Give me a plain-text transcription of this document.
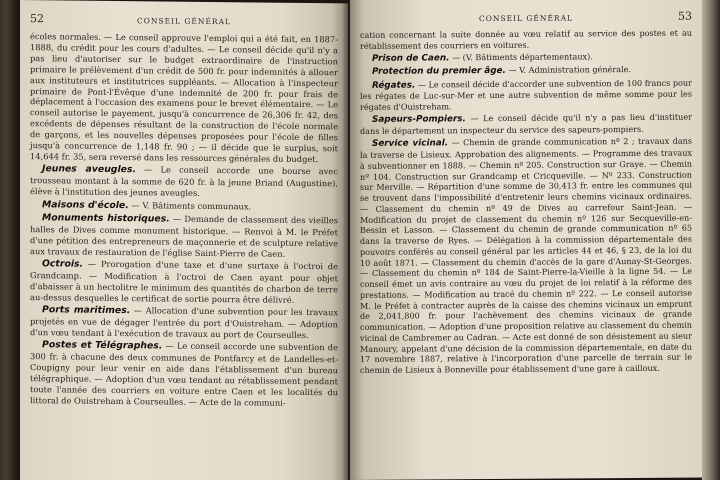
52	CONSEIL GÉNÉRAL

écoles normales. — Le conseil approuve l'emploi qui a été fait, en 1887-1888, du crédit pour les cours d'adultes. — Le conseil décide qu'il n'y a pas lieu d'autoriser sur le budget extraordinaire de l'instruction primaire le prélèvement d'un crédit de 500 fr. pour indemnités à allouer aux instituteurs et institutrices suppléants. — Allocation à l'inspecteur primaire de Pont-l'Évêque d'une indemnité de 200 fr. pour frais de déplacement à l'occasion des examens pour le brevet élémentaire. — Le conseil autorise le payement, jusqu'à concurrence de 26,306 fr. 42, des excédents de dépenses résultant de la construction de l'école normale de garçons, et les nouvelles dépenses proposées pour l'école de filles jusqu'à concurrence de 1,148 fr. 90 ; — il décide que le surplus, soit 14,644 fr. 35, sera reversé dans les ressources générales du budget.

Jeunes aveugles. — Le conseil accorde une bourse avec trousseau montant à la somme de 620 fr. à la jeune Briand (Augustine), élève à l'institution des jeunes aveugles.

Maisons d'école. — V. Bâtiments communaux.

Monuments historiques. — Demande de classement des vieilles halles de Dives comme monument historique. — Renvoi à M. le Préfet d'une pétition des entrepreneurs de maçonnerie et de sculpture relative aux travaux de restauration de l'église Saint-Pierre de Caen.

Octrois. — Prorogation d'une taxe et d'une surtaxe à l'octroi de Grandcamp. — Modification à l'octroi de Caen ayant pour objet d'abaisser à un hectolitre le minimum des quantités de charbon de terre au-dessus desquelles le certificat de sortie pourra être délivré.

Ports maritimes. — Allocation d'une subvention pour les travaux projetés en vue de dégager l'entrée du port d'Ouistreham. — Adoption d'un vœu tendant à l'exécution de travaux au port de Courseulles.

Postes et Télégraphes. — Le conseil accorde une subvention de 300 fr. à chacune des deux communes de Pontfarcy et de Landelles-et-Coupigny pour leur venir en aide dans l'établissement d'un bureau télégraphique. — Adoption d'un vœu tendant au rétablissement pendant toute l'année des courriers en voiture entre Caen et les localités du littoral de Ouistreham à Courseulles. — Acte de la communi-

CONSEIL GÉNÉRAL	53

cation concernant la suite donnée au vœu relatif au service des postes et au rétablissement des courriers en voitures.

Prison de Caen. — (V. Bâtiments départementaux).

Protection du premier âge. — V. Administration générale.

Régates. — Le conseil décide d'accorder une subvention de 100 francs pour les régates de Luc-sur-Mer et une autre subvention de même somme pour les régates d'Ouistreham.

Sapeurs-Pompiers. — Le conseil décide qu'il n'y a pas lieu d'instituer dans le département un inspecteur du service des sapeurs-pompiers.

Service vicinal. — Chemin de grande communication nº 2 ; travaux dans la traverse de Lisieux. Approbation des alignements. — Programme des travaux à subventionner en 1888. — Chemin nº 205. Construction sur Graye. — Chemin nº 104. Construction sur Grandcamp et Cricqueville. — Nº 233. Construction sur Merville. — Répartition d'une somme de 30,413 fr. entre les communes qui se trouvent dans l'impossibilité d'entretenir leurs chemins vicinaux ordinaires. — Classement du chemin nº 49 de Dives au carrefour Saint-Jean. — Modification du projet de classement du chemin nº 126 sur Secqueville-en-Bessin et Lasson. — Classement du chemin de grande communication nº 65 dans la traverse de Ryes. — Délégation à la commission départementale des pouvoirs conférés au conseil général par les articles 44 et 46, § 23, de la loi du 10 août 1871. — Classement du chemin d'accès de la gare d'Aunay-St-Georges. — Classement du chemin nº 184 de Saint-Pierre-la-Vieille à la ligne 54. — Le conseil émet un avis contraire au vœu du projet de loi relatif à la réforme des prestations. — Modification au tracé du chemin nº 222. — Le conseil autorise M. le Préfet à contracter auprès de la caisse des chemins vicinaux un emprunt de 2,041,800 fr. pour l'achèvement des chemins vicinaux de grande communication. — Adoption d'une proposition relative au classement du chemin vicinal de Cambremer au Cadran. — Acte est donné de son désistement au sieur Manoury, appelant d'une décision de la commission départementale, en date du 17 novembre 1887, relative à l'incorporation d'une parcelle de terrain sur le chemin de Lisieux à Bonneville pour établissement d'une gare à cailloux.
